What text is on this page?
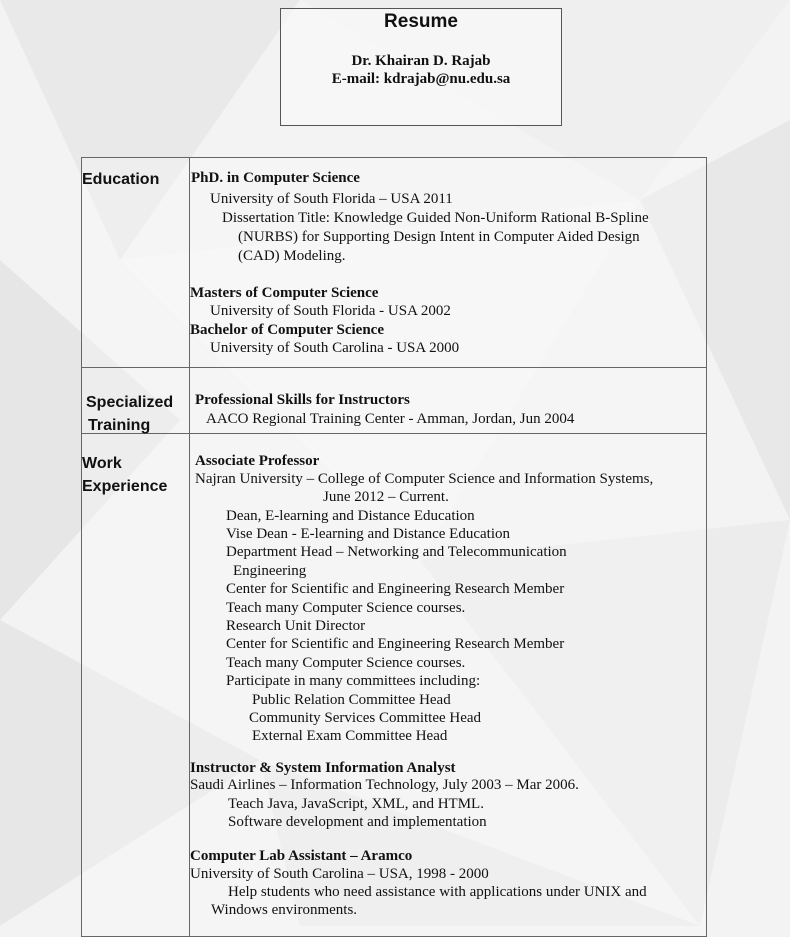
Resume
Dr. Khairan D. Rajab
E-mail: kdrajab@nu.edu.sa
Education PhD. in Computer Science
University of South Florida – USA 2011
Dissertation Title: Knowledge Guided Non-Uniform Rational B-Spline
(NURBS) for Supporting Design Intent in Computer Aided Design
(CAD) Modeling.
Masters of Computer Science
University of South Florida - USA 2002
Bachelor of Computer Science
University of South Carolina - USA 2000
Specialized
Training
Professional Skills for Instructors
AACO Regional Training Center - Amman, Jordan, Jun 2004
Work
Experience
Associate Professor
Najran University – College of Computer Science and Information Systems,
June 2012 – Current.
Dean, E-learning and Distance Education
Vise Dean - E-learning and Distance Education
Department Head – Networking and Telecommunication
Engineering
Center for Scientific and Engineering Research Member
Teach many Computer Science courses.
Research Unit Director
Center for Scientific and Engineering Research Member
Teach many Computer Science courses.
Participate in many committees including:
Public Relation Committee Head
Community Services Committee Head
External Exam Committee Head
Instructor & System Information Analyst
Saudi Airlines – Information Technology, July 2003 – Mar 2006.
Teach Java, JavaScript, XML, and HTML.
Software development and implementation
Computer Lab Assistant – Aramco
University of South Carolina – USA, 1998 - 2000
Help students who need assistance with applications under UNIX and
Windows environments.
